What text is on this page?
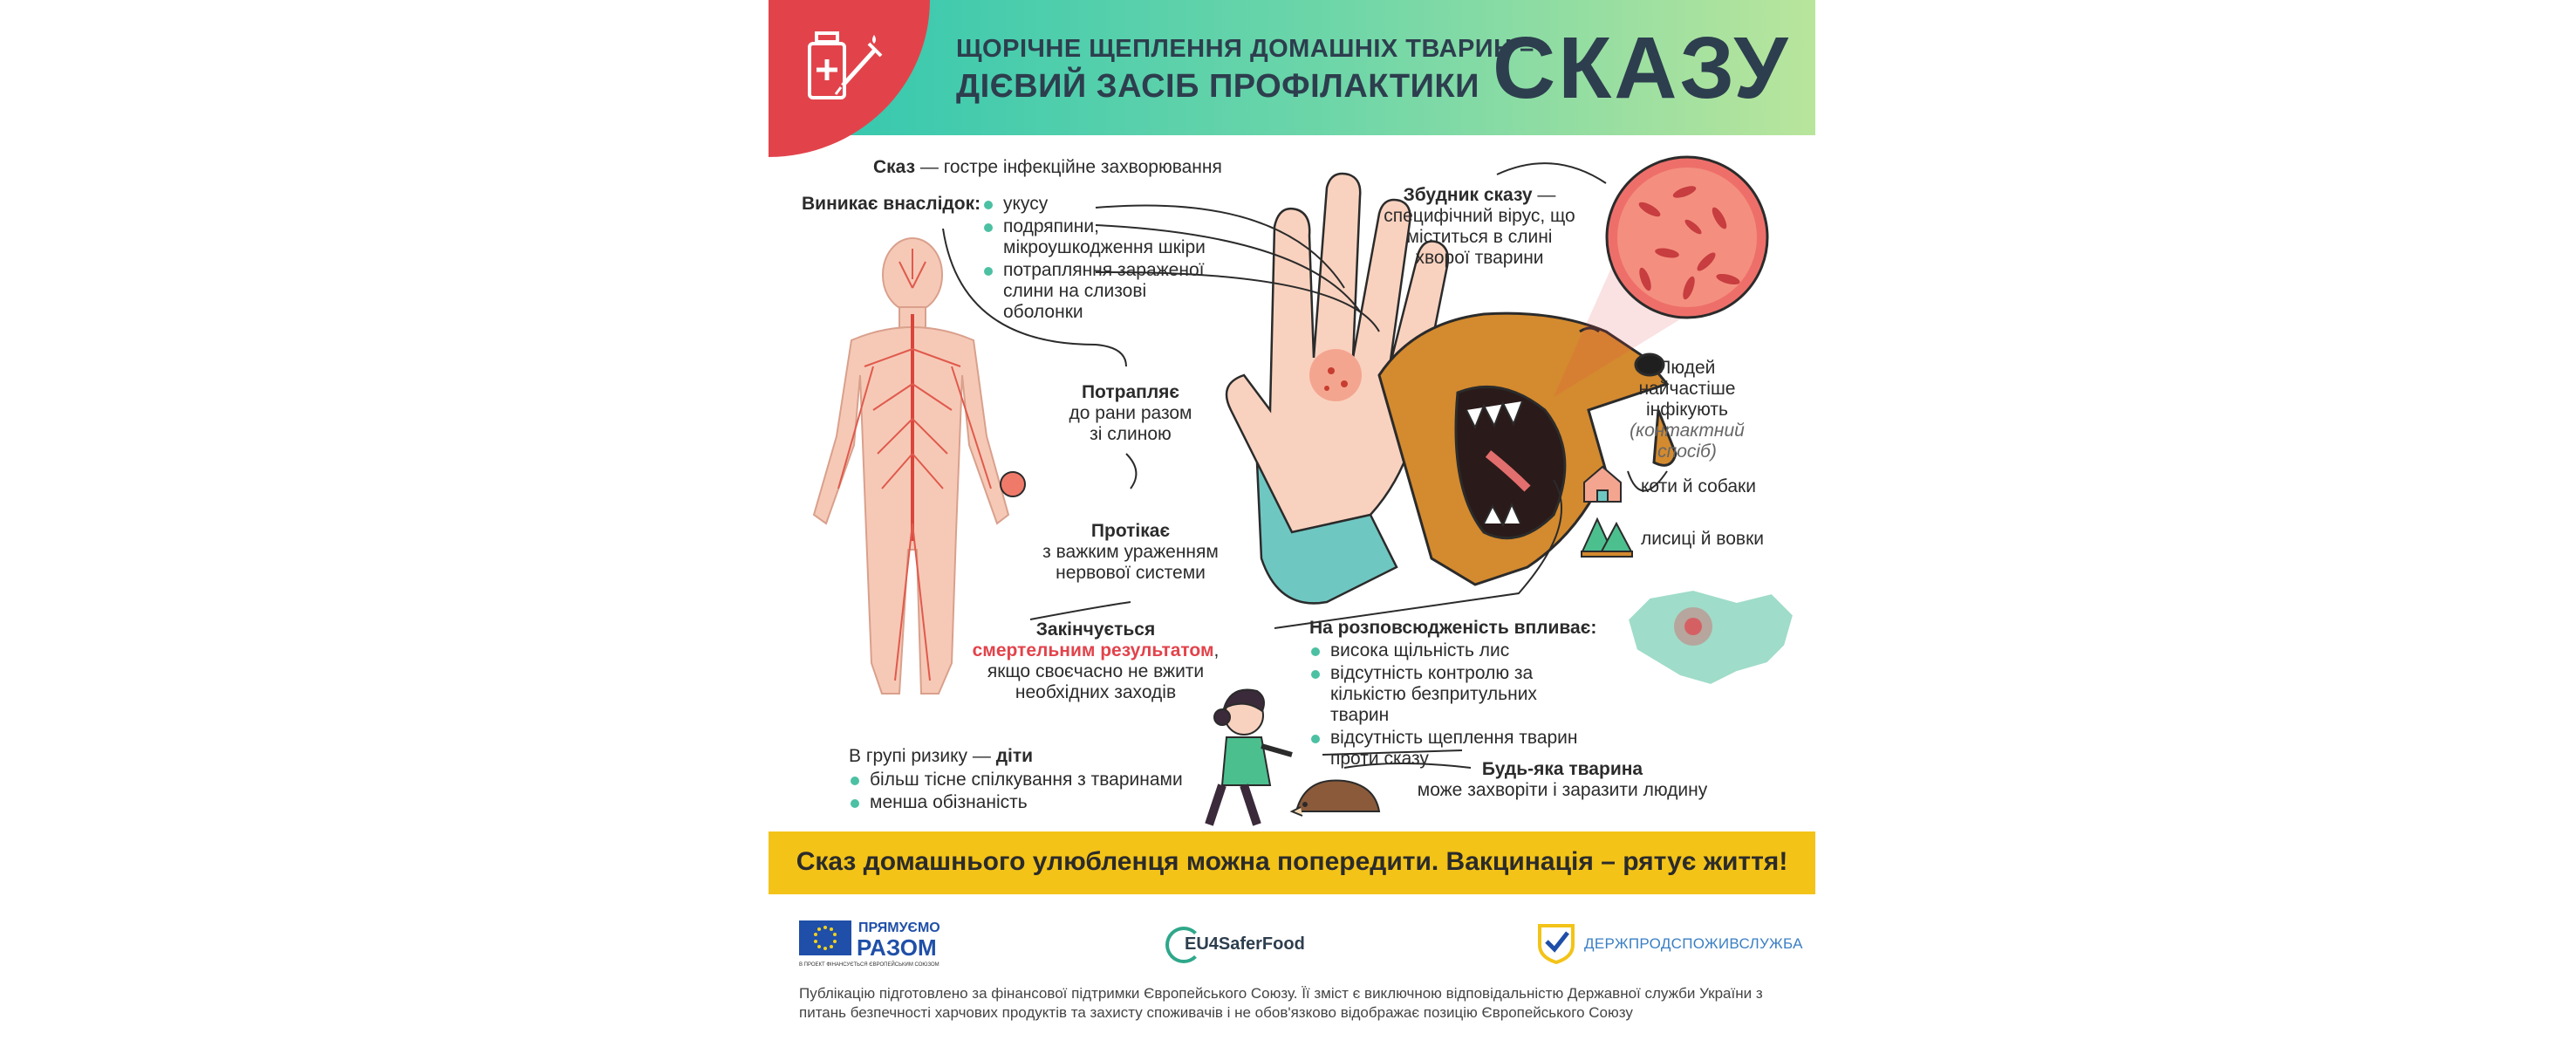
ЩОРІЧНЕ ЩЕПЛЕННЯ ДОМАШНІХ ТВАРИН –
ДІЄВИЙ ЗАСІБ ПРОФІЛАКТИКИ СКАЗУ
Сказ — гостре інфекційне захворювання
Виникає внаслідок:	укусу
подряпини, мікроушкодження шкіри
потрапляння зараженої слини на слизові оболонки
Збудник сказу — специфічний вірус, що міститься в слині хворої тварини
Людей найчастіше інфікують
(контактний спосіб)
коти й собаки
лисиці й вовки
Потрапляє
до рани разом зі слиною
Протікає
з важким ураженням нервової системи
Закінчується
смертельним результатом,
якщо своєчасно не вжити необхідних заходів
На розповсюдженість впливає:
висока щільність лис
відсутність контролю за кількістю безпритульних тварин
відсутність щеплення тварин проти сказу
В групі ризику — діти
більш тісне спілкування з тваринами
менша обізнаність
Будь-яка тварина
може захворіти і заразити людину
Сказ домашнього улюбленця можна попередити. Вакцинація – рятує життя!
ПРЯМУЄМО
РАЗОМ
В ПРОЕКТ ФІНАНСУЄТЬСЯ ЄВРОПЕЙСЬКИМ СОЮЗОМ
EU4SaferFood	ДЕРЖПРОДСПОЖИВСЛУЖБА
Публікацію підготовлено за фінансової підтримки Європейського Союзу. Її зміст є виключною відповідальністю Державної служби України з питань безпечності харчових продуктів та захисту споживачів і не обов'язково відображає позицію Європейського Союзу
